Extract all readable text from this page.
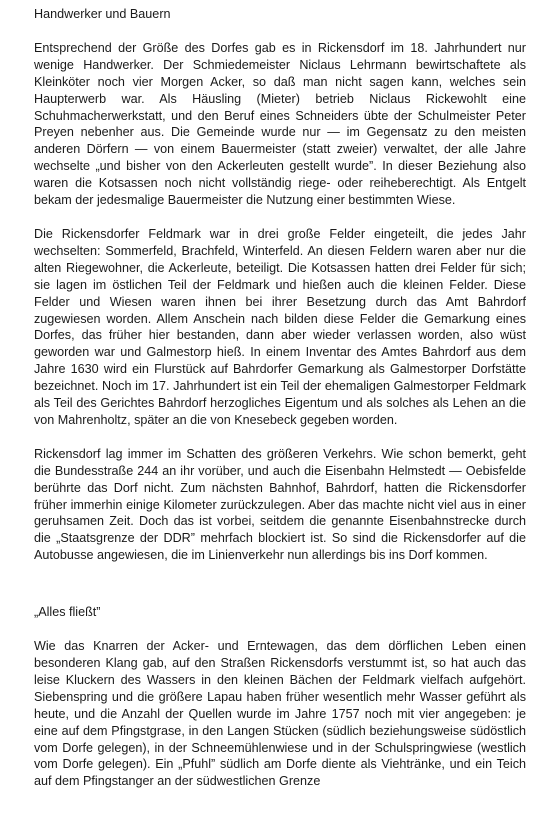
Handwerker und Bauern

Entsprechend der Größe des Dorfes gab es in Rickensdorf im 18. Jahrhundert nur wenige Handwerker. Der Schmiedemeister Niclaus Lehrmann bewirtschaftete als Kleinköter noch vier Morgen Acker, so daß man nicht sagen kann, welches sein Haupterwerb war. Als Häusling (Mieter) betrieb Niclaus Rickewohlt eine Schuhmacherwerkstatt, und den Beruf eines Schneiders übte der Schulmeister Peter Preyen nebenher aus. Die Gemeinde wurde nur — im Gegensatz zu den meisten anderen Dörfern — von einem Bauermeister (statt zweier) verwaltet, der alle Jahre wechselte „und bisher von den Ackerleuten gestellt wurde”. In dieser Beziehung also waren die Kotsassen noch nicht vollständig riege- oder reiheberechtigt. Als Entgelt bekam der jedesmalige Bauermeister die Nutzung einer bestimmten Wiese.

Die Rickensdorfer Feldmark war in drei große Felder eingeteilt, die jedes Jahr wechselten: Sommerfeld, Brachfeld, Winterfeld. An diesen Feldern waren aber nur die alten Riegewohner, die Ackerleute, beteiligt. Die Kotsassen hatten drei Felder für sich; sie lagen im östlichen Teil der Feldmark und hießen auch die kleinen Felder. Diese Felder und Wiesen waren ihnen bei ihrer Besetzung durch das Amt Bahrdorf zugewiesen worden. Allem Anschein nach bilden diese Felder die Gemarkung eines Dorfes, das früher hier bestanden, dann aber wieder verlassen worden, also wüst geworden war und Galmestorp hieß. In einem Inventar des Amtes Bahrdorf aus dem Jahre 1630 wird ein Flurstück auf Bahrdorfer Gemarkung als Galmestorper Dorfstätte bezeichnet. Noch im 17. Jahrhundert ist ein Teil der ehemaligen Galmestorper Feldmark als Teil des Gerichtes Bahrdorf herzogliches Eigentum und als solches als Lehen an die von Mahrenholtz, später an die von Knesebeck gegeben worden.

Rickensdorf lag immer im Schatten des größeren Verkehrs. Wie schon bemerkt, geht die Bundesstraße 244 an ihr vorüber, und auch die Eisenbahn Helmstedt — Oebisfelde berührte das Dorf nicht. Zum nächsten Bahnhof, Bahrdorf, hatten die Rickensdorfer früher immerhin einige Kilometer zurückzulegen. Aber das machte nicht viel aus in einer geruhsamen Zeit. Doch das ist vorbei, seitdem die genannte Eisenbahnstrecke durch die „Staatsgrenze der DDR” mehrfach blockiert ist. So sind die Rickensdorfer auf die Autobusse angewiesen, die im Linienverkehr nun allerdings bis ins Dorf kommen.

„Alles fließt”

Wie das Knarren der Acker- und Erntewagen, das dem dörflichen Leben einen besonderen Klang gab, auf den Straßen Rickensdorfs verstummt ist, so hat auch das leise Kluckern des Wassers in den kleinen Bächen der Feldmark vielfach aufgehört. Siebenspring und die größere Lapau haben früher wesentlich mehr Wasser geführt als heute, und die Anzahl der Quellen wurde im Jahre 1757 noch mit vier angegeben: je eine auf dem Pfingstgrase, in den Langen Stücken (südlich beziehungsweise südöstlich vom Dorfe gelegen), in der Schneemühlenwiese und in der Schulspringwiese (westlich vom Dorfe gelegen). Ein „Pfuhl” südlich am Dorfe diente als Viehtränke, und ein Teich auf dem Pfingstanger an der südwestlichen Grenze
